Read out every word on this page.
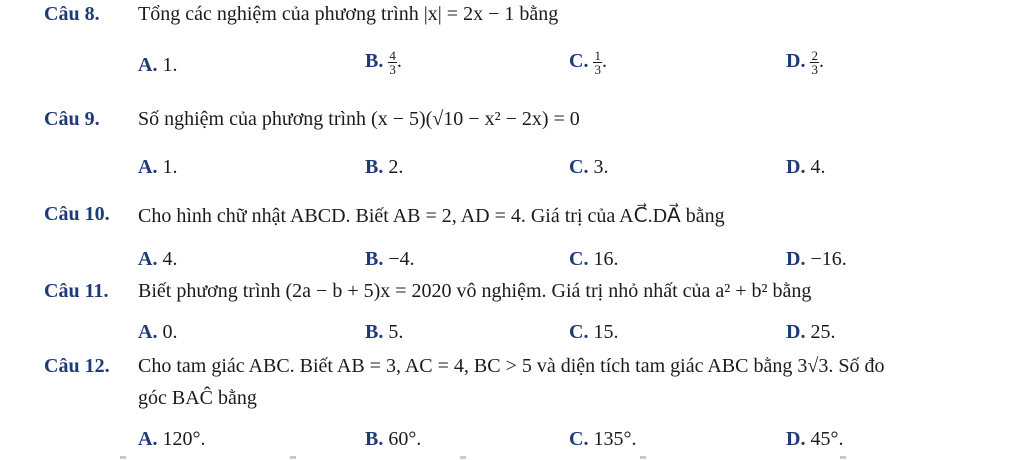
Câu 8. Tổng các nghiệm của phương trình |x| = 2x − 1 bằng
A. 1.	B. $\frac{4}{3}$ .	C. $\frac{1}{3}$ .	D. $\frac{2}{3}$ .
Câu 9. Số nghiệm của phương trình (x − 5)(√10 − x² − 2x) = 0
A. 1.	B. 2.	C. 3.	D. 4.
Câu 10. Cho hình chữ nhật ABCD. Biết AB = 2, AD = 4. Giá trị của AC⃗.DA⃗ bằng
A. 4.	B. −4.	C. 16.	D. −16.
Câu 11. Biết phương trình (2a − b + 5)x = 2020 vô nghiệm. Giá trị nhỏ nhất của a² + b² bằng
A. 0.	B. 5.	C. 15.	D. 25.
Câu 12. Cho tam giác ABC. Biết AB = 3, AC = 4, BC > 5 và diện tích tam giác ABC bằng 3√3. Số đo
góc BAĈ bằng
A. 120°.	B. 60°.	C. 135°.	D. 45°.
